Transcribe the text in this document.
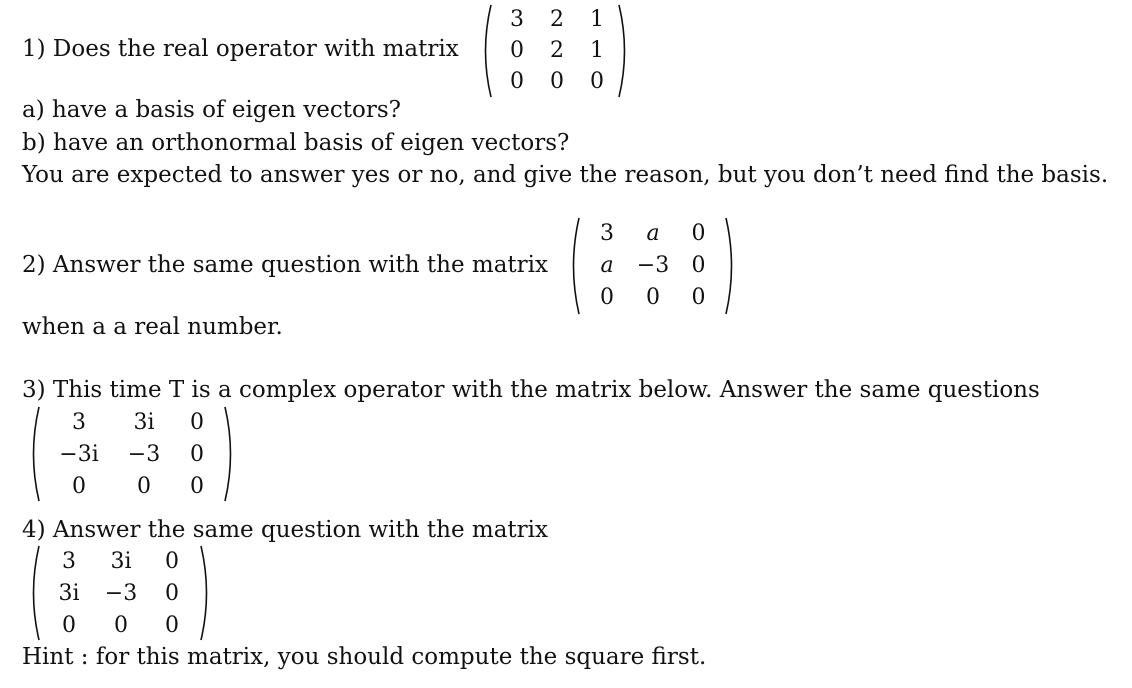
1) Does the real operator with matrix
3	2	1
0	2	1
0	0	0
a) have a basis of eigen vectors?
b) have an orthonormal basis of eigen vectors?
You are expected to answer yes or no, and give the reason, but you don’t need find the basis.
2) Answer the same question with the matrix
3	a	0
a	−3	0
0	0	0
when a a real number.
3) This time T is a complex operator with the matrix below. Answer the same questions
3	3i	0
−3i	−3	0
0	0	0
4) Answer the same question with the matrix
3	3i	0
3i	−3	0
0	0	0
Hint : for this matrix, you should compute the square first.
